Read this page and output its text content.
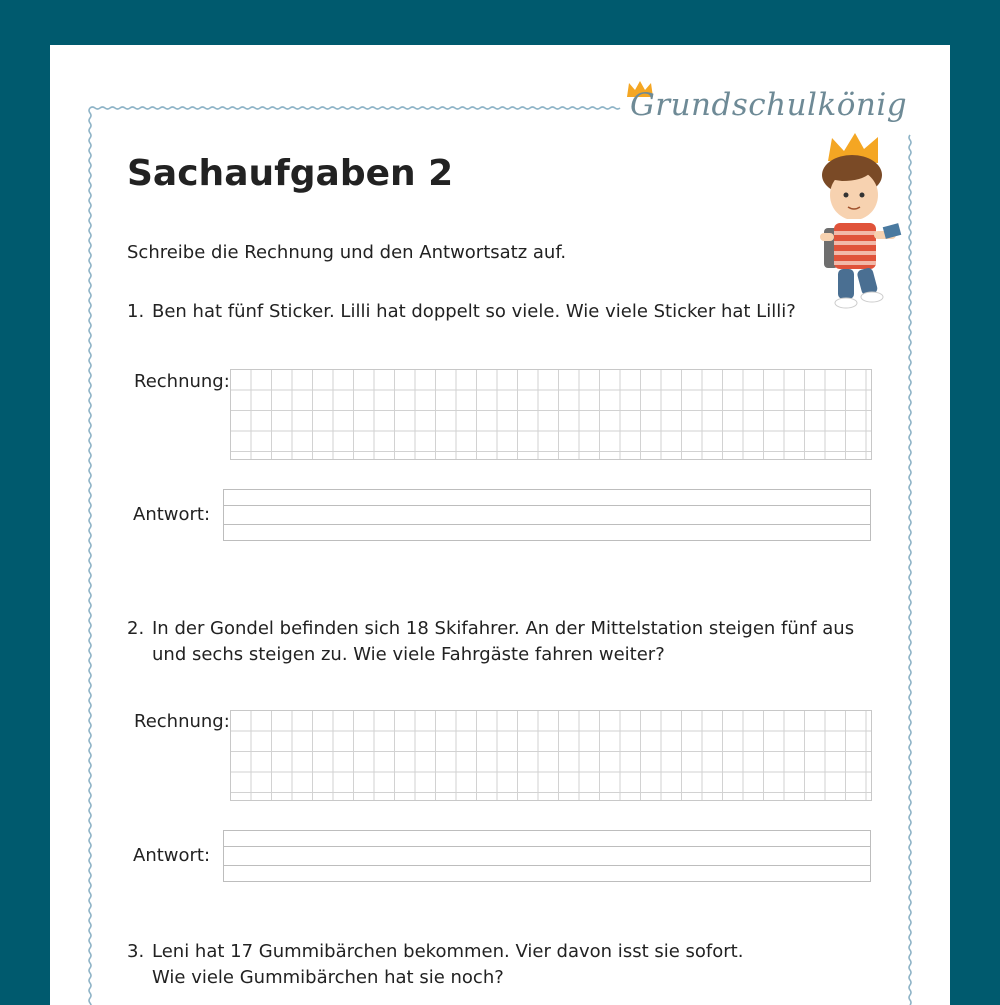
Grundschulkönig
Sachaufgaben 2
Schreibe die Rechnung und den Antwortsatz auf.
1. Ben hat fünf Sticker. Lilli hat doppelt so viele. Wie viele Sticker hat Lilli?
Rechnung:
Antwort:
2. In der Gondel befinden sich 18 Skifahrer. An der Mittelstation steigen fünf aus und sechs steigen zu. Wie viele Fahrgäste fahren weiter?
Rechnung:
Antwort:
3. Leni hat 17 Gummibärchen bekommen. Vier davon isst sie sofort. Wie viele Gummibärchen hat sie noch?
